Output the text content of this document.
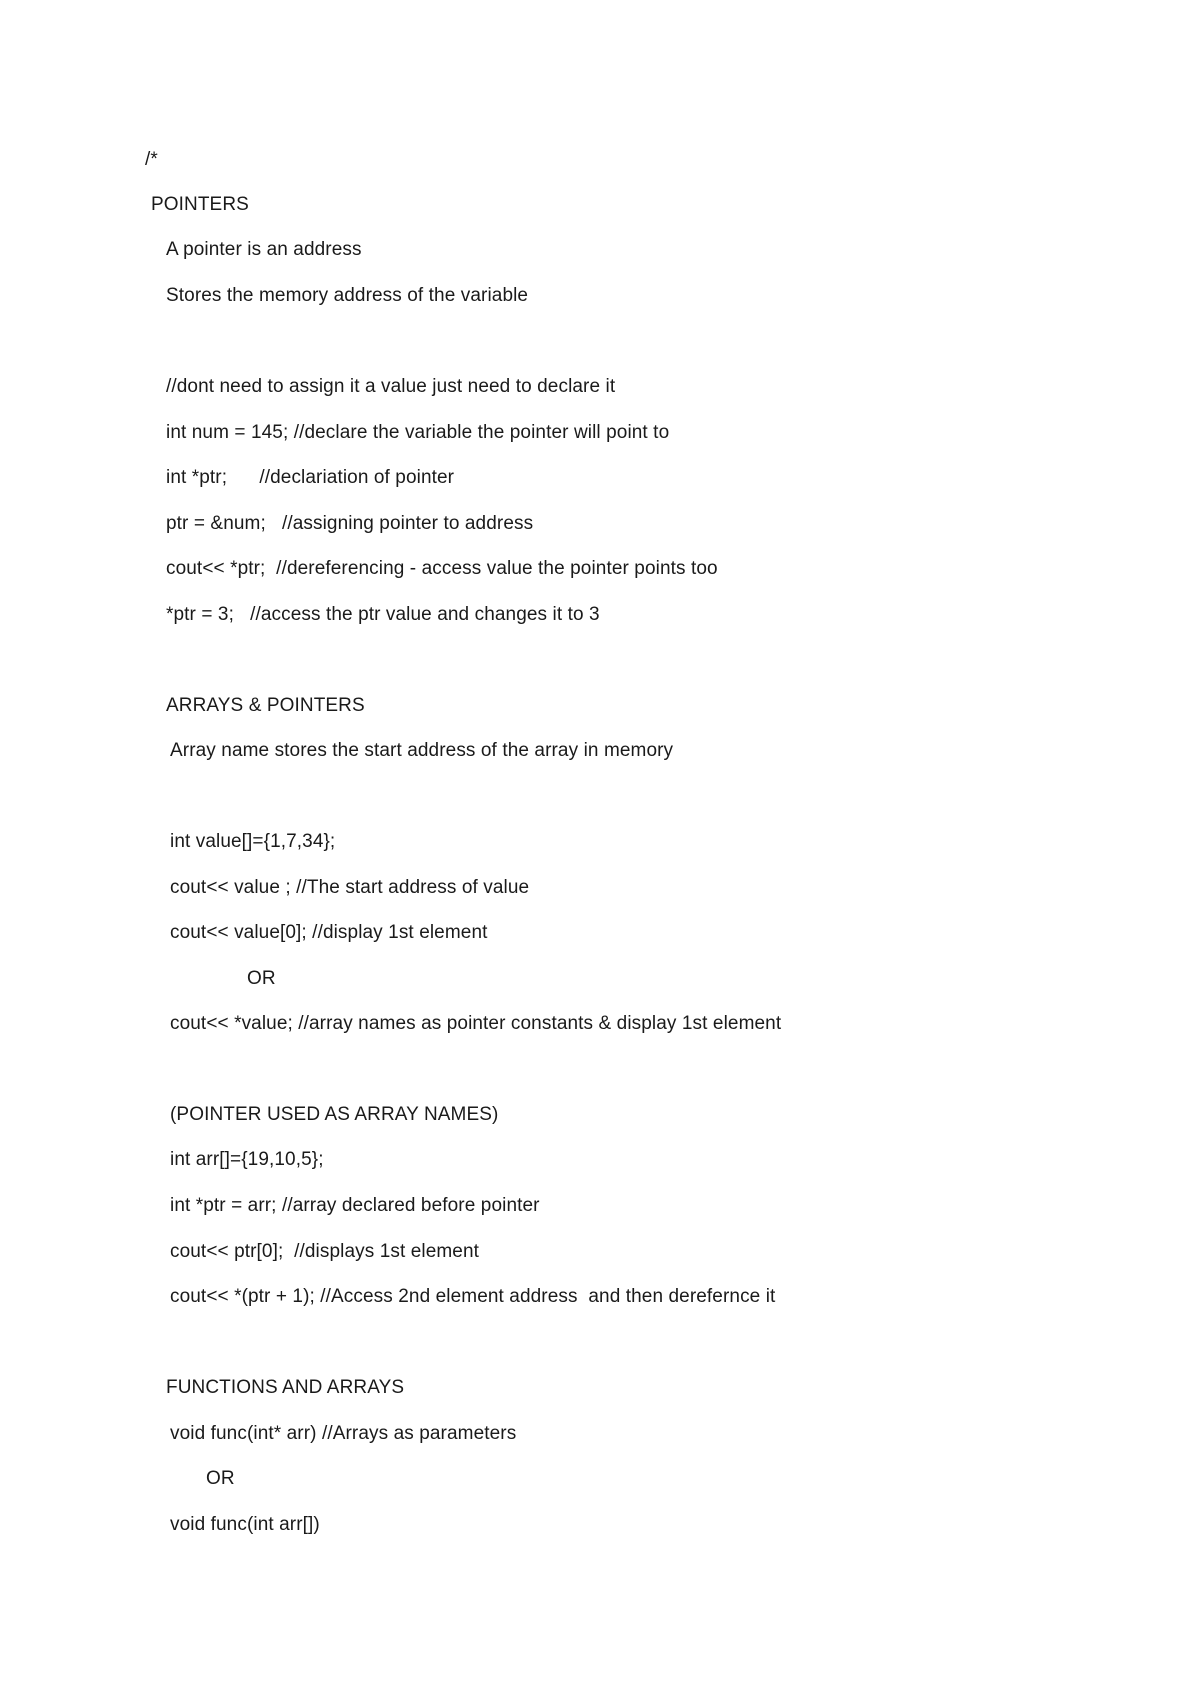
/*
POINTERS
A pointer is an address
Stores the memory address of the variable
//dont need to assign it a value just need to declare it
int num = 145; //declare the variable the pointer will point to
int *ptr;      //declariation of pointer
ptr = &num;   //assigning pointer to address
cout<< *ptr;  //dereferencing - access value the pointer points too
*ptr = 3;   //access the ptr value and changes it to 3
ARRAYS & POINTERS
Array name stores the start address of the array in memory
int value[]={1,7,34};
cout<< value ; //The start address of value
cout<< value[0]; //display 1st element
OR
cout<< *value; //array names as pointer constants & display 1st element
(POINTER USED AS ARRAY NAMES)
int arr[]={19,10,5};
int *ptr = arr; //array declared before pointer
cout<< ptr[0];  //displays 1st element
cout<< *(ptr + 1); //Access 2nd element address  and then derefernce it
FUNCTIONS AND ARRAYS
void func(int* arr) //Arrays as parameters
OR
void func(int arr[])
